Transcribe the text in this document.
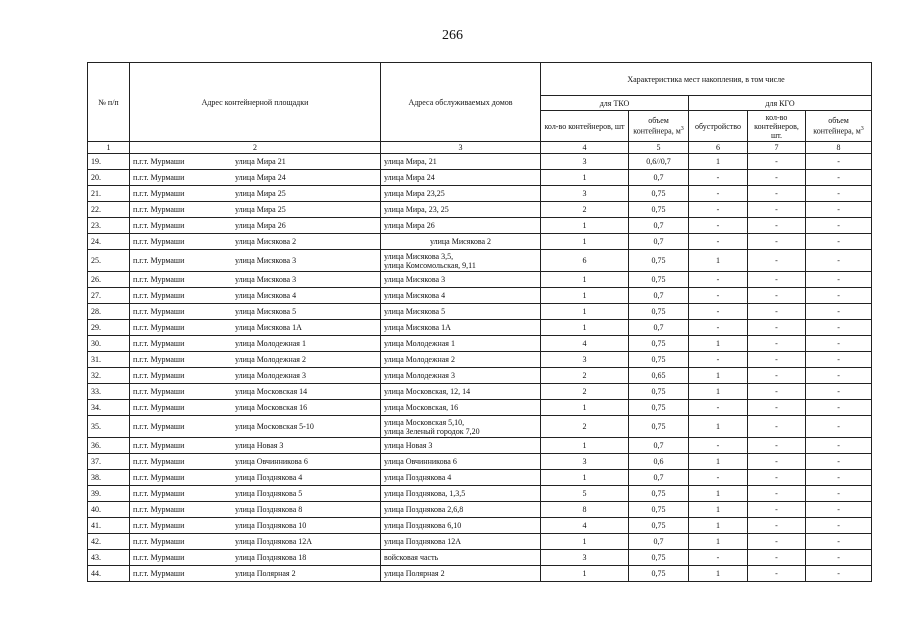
266
№ п/п	Адрес контейнерной площадки	Адреса обслуживаемых домов	Характеристика мест накопления, в том числе				
			для ТКО		для КГО		
			кол-во контейнеров, шт	объем контейнера, $м^3$	обустройство	кол-во контейнеров, шт.	объем контейнера, $м^3$
1	2	3	4	5	6	7	8
19.	п.г.т. Мурмаши улица Мира 21	улица Мира, 21	3	0,6//0,7	1	-	-
20.	п.г.т. Мурмаши улица Мира 24	улица Мира 24	1	0,7	-	-	-
21.	п.г.т. Мурмаши улица Мира 25	улица Мира 23,25	3	0,75	-	-	-
22.	п.г.т. Мурмаши улица Мира 25	улица Мира, 23, 25	2	0,75	-	-	-
23.	п.г.т. Мурмаши улица Мира 26	улица Мира 26	1	0,7	-	-	-
24.	п.г.т. Мурмаши улица Мисякова 2	улица Мисякова 2	1	0,7	-	-	-
25.	п.г.т. Мурмаши улица Мисякова 3	улица Мисякова 3,5,
улица Комсомольская, 9,11	6	0,75	1	-	-
26.	п.г.т. Мурмаши улица Мисякова 3	улица Мисякова 3	1	0,75	-	-	-
27.	п.г.т. Мурмаши улица Мисякова 4	улица Мисякова 4	1	0,7	-	-	-
28.	п.г.т. Мурмаши улица Мисякова 5	улица Мисякова 5	1	0,75	-	-	-
29.	п.г.т. Мурмаши улица Мисякова 1А	улица Мисякова 1А	1	0,7	-	-	-
30.	п.г.т. Мурмаши улица Молодежная 1	улица Молодежная 1	4	0,75	1	-	-
31.	п.г.т. Мурмаши улица Молодежная 2	улица Молодежная 2	3	0,75	-	-	-
32.	п.г.т. Мурмаши улица Молодежная 3	улица Молодежная 3	2	0,65	1	-	-
33.	п.г.т. Мурмаши улица Московская 14	улица Московская, 12, 14	2	0,75	1	-	-
34.	п.г.т. Мурмаши улица Московская 16	улица Московская, 16	1	0,75	-	-	-
35.	п.г.т. Мурмаши улица Московская 5-10	улица Московская 5,10,
улица Зеленый городок 7,20	2	0,75	1	-	-
36.	п.г.т. Мурмаши улица Новая 3	улица Новая 3	1	0,7	-	-	-
37.	п.г.т. Мурмаши улица Овчинникова 6	улица Овчинникова 6	3	0,6	1	-	-
38.	п.г.т. Мурмаши улица Позднякова 4	улица Позднякова 4	1	0,7	-	-	-
39.	п.г.т. Мурмаши улица Позднякова 5	улица Позднякова, 1,3,5	5	0,75	1	-	-
40.	п.г.т. Мурмаши улица Позднякова 8	улица Позднякова 2,6,8	8	0,75	1	-	-
41.	п.г.т. Мурмаши улица Позднякова 10	улица Позднякова 6,10	4	0,75	1	-	-
42.	п.г.т. Мурмаши улица Позднякова 12А	улица Позднякова 12А	1	0,7	1	-	-
43.	п.г.т. Мурмаши улица Позднякова 18	войсковая часть	3	0,75	-	-	-
44.	п.г.т. Мурмаши улица Полярная 2	улица Полярная 2	1	0,75	1	-	-
